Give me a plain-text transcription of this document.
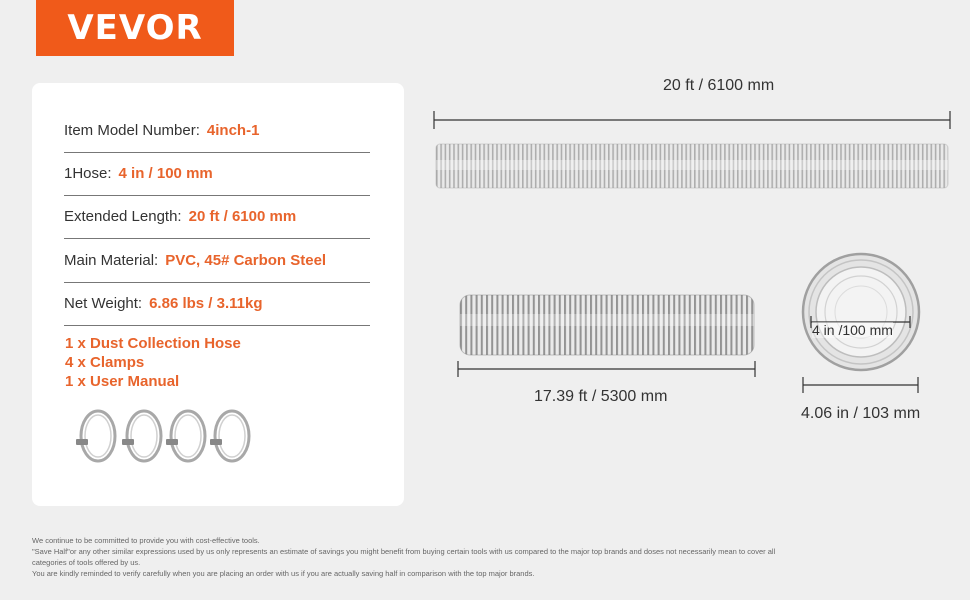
VEVOR
Item Model Number: 4inch-1
1Hose: 4 in / 100 mm
Extended Length: 20 ft / 6100 mm
Main Material: PVC, 45# Carbon Steel
Net Weight: 6.86 lbs / 3.11kg
1 x Dust Collection Hose
4 x Clamps
1 x User Manual
20 ft / 6100 mm
17.39 ft / 5300 mm
4 in /100 mm
4.06 in / 103 mm
We continue to be committed to provide you with cost-effective tools.
"Save Half"or any other similar expressions used by us only represents an estimate of savings you might benefit from buying certain tools with us compared to the major top brands and doses not necessarily mean to cover all
categories of tools offered by us.
You are kindly reminded to verify carefully when you are placing an order with us if you are actually saving half in comparison with the top major brands.
